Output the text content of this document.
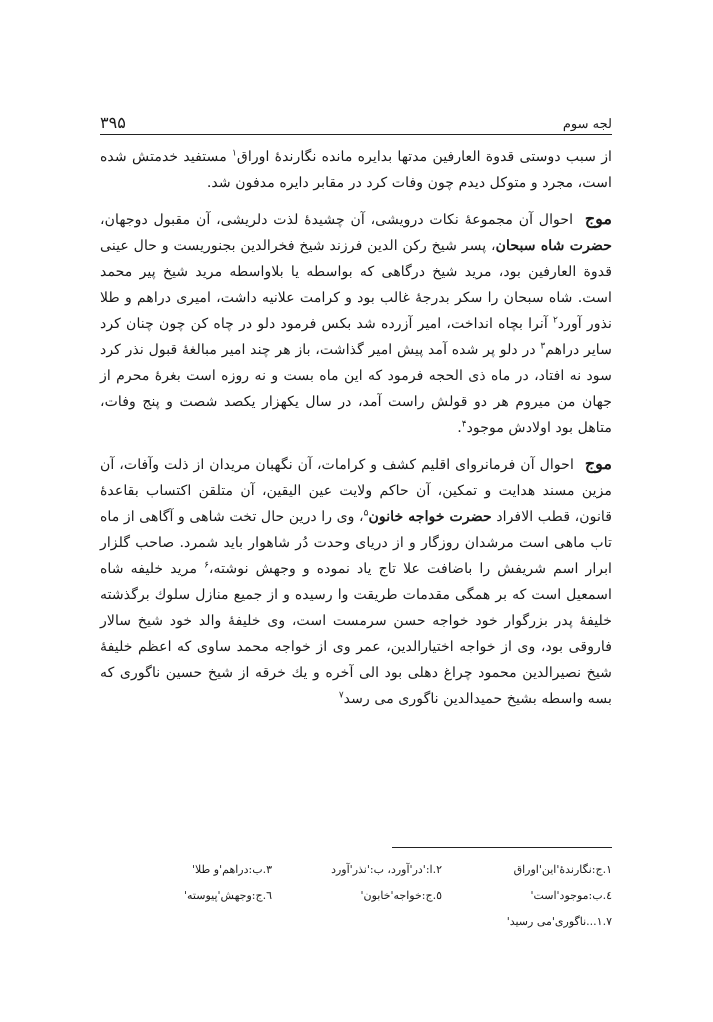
لجه سوم
۳۹۵

از سبب دوستی قدوة العارفین مدتها بدایره مانده نگارندهٔ اوراق$^۱$ مستفید خدمتش شده است، مجرد و متوکل دیدم چون وفات کرد در مقابر دایره مدفون شد.

موج احوال آن مجموعهٔ نکات درویشی، آن چشیدهٔ لذت دلریشی، آن مقبول دوجهان، حضرت شاه سبحان، پسر شیخ رکن الدین فرزند شیخ فخرالدین بجنوریست و حال عینی قدوة العارفین بود، مرید شیخ درگاهی که بواسطه یا بلاواسطه مرید شیخ پیر محمد است. شاه سبحان را سکر بدرجهٔ غالب بود و کرامت علانیه داشت، امیری دراهم و طلا نذور آورد$^۲$ آنرا بچاه انداخت، امیر آزرده شد بکس فرمود دلو در چاه کن چون چنان کرد سایر دراهم$^۳$ در دلو پر شده آمد پیش امیر گذاشت، باز هر چند امیر مبالغهٔ قبول نذر کرد سود نه افتاد، در ماه ذی الحجه فرمود که این ماه بست و نه روزه است بغرهٔ محرم از جهان من میروم هر دو قولش راست آمد، در سال یکهزار یکصد شصت و پنج وفات، متاهل بود اولادش موجود$^۴$.

موج احوال آن فرمانروای اقلیم کشف و کرامات، آن نگهبان مریدان از ذلت وآفات، آن مزین مسند هدایت و تمکین، آن حاکم ولایت عین الیقین، آن متلقن اکتساب بقاعدهٔ قانون، قطب الافراد حضرت خواجه خانون$^۵$، وی را درین حال تخت شاهی و آگاهی از ماه تاب ماهی است مرشدان روزگار و از دریای وحدت دُر شاهوار باید شمرد. صاحب گلزار ابرار اسم شریفش را باضافت علا تاج یاد نموده و وجهش نوشته،$^۶$ مرید خلیفه شاه اسمعیل است که بر همگی مقدمات طریقت وا رسیده و از جمیع منازل سلوك برگذشته خلیفهٔ پدر بزرگوار خود خواجه حسن سرمست است، وی خلیفهٔ والد خود شیخ سالار فاروقی بود، وی از خواجه اختیارالدین، عمر وی از خواجه محمد ساوی که اعظم خلیفهٔ شیخ نصیرالدین محمود چراغ دهلی بود الی آخره و یك خرقه از شیخ حسین ناگوری که بسه واسطه بشیخ حمیدالدین ناگوری می رسد$^۷$

١.ج:نگارندهٔ'این'اوراق
٢.ا:'در'آورد، ب:'نذر'آورد
٣.ب:دراهم'و طلا'
٤.ب:موجود'است'
٥.ج:خواجه'خابون'
٦.ج:وجهش'پیوسته'
١.٧...ناگوری'می رسید'
